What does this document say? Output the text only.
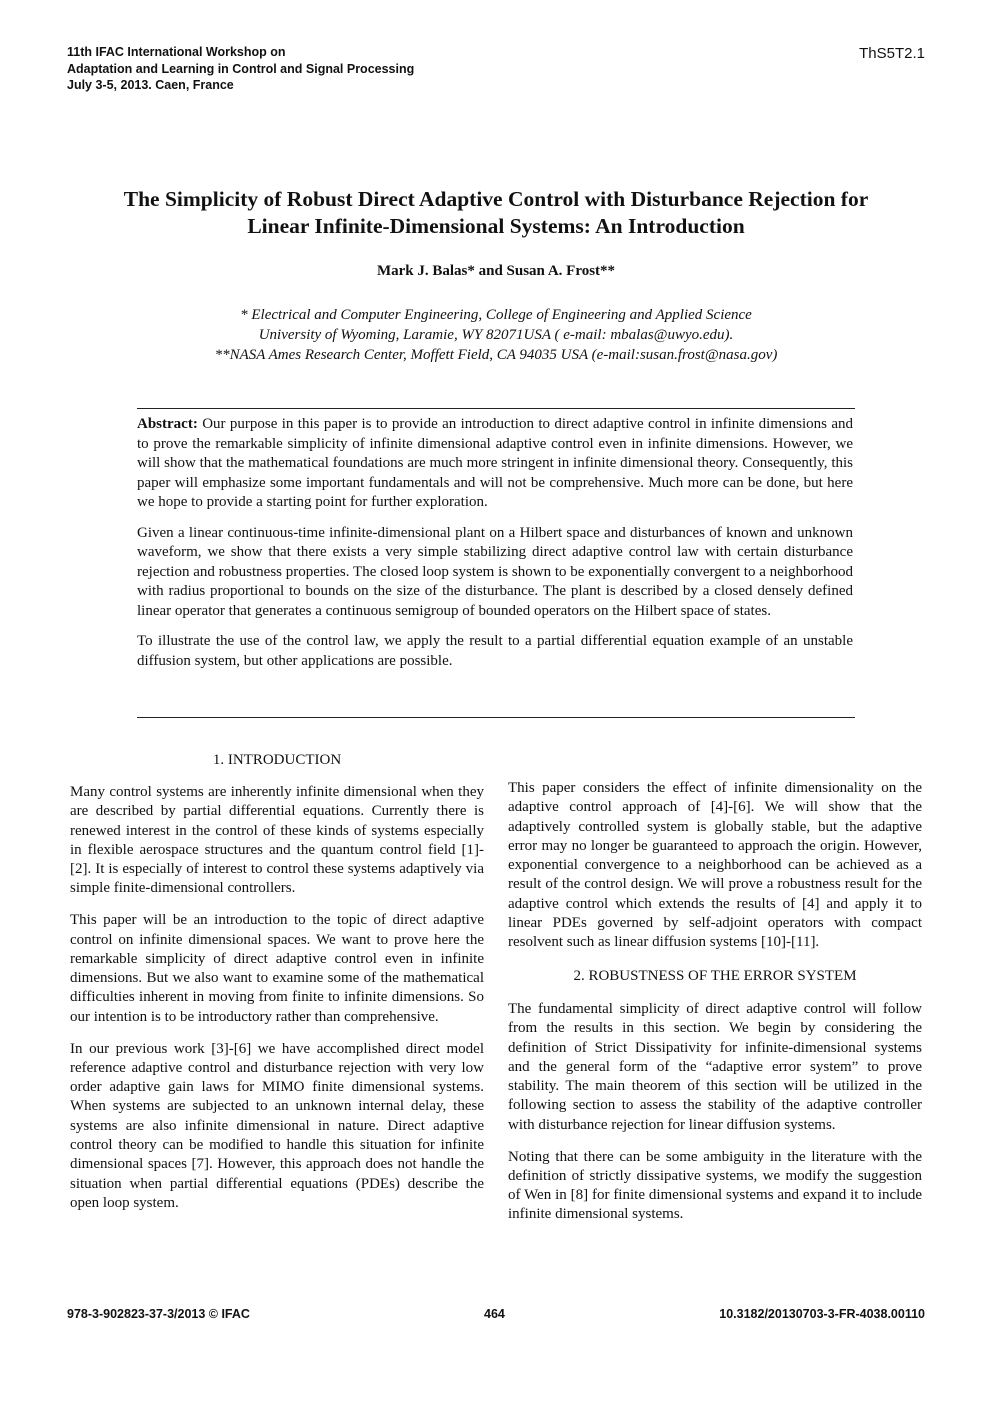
11th IFAC International Workshop on
Adaptation and Learning in Control and Signal Processing
July 3-5, 2013. Caen, France
ThS5T2.1
The Simplicity of Robust Direct Adaptive Control with Disturbance Rejection for
Linear Infinite-Dimensional Systems: An Introduction
Mark J. Balas* and Susan A. Frost**
* Electrical and Computer Engineering, College of Engineering and Applied Science
University of Wyoming, Laramie, WY 82071USA ( e-mail: mbalas@uwyo.edu).
**NASA Ames Research Center, Moffett Field, CA 94035 USA (e-mail:susan.frost@nasa.gov)

Abstract: Our purpose in this paper is to provide an introduction to direct adaptive control in infinite dimensions and to prove the remarkable simplicity of infinite dimensional adaptive control even in infinite dimensions. However, we will show that the mathematical foundations are much more stringent in infinite dimensional theory. Consequently, this paper will emphasize some important fundamentals and will not be comprehensive. Much more can be done, but here we hope to provide a starting point for further exploration.

Given a linear continuous-time infinite-dimensional plant on a Hilbert space and disturbances of known and unknown waveform, we show that there exists a very simple stabilizing direct adaptive control law with certain disturbance rejection and robustness properties. The closed loop system is shown to be exponentially convergent to a neighborhood with radius proportional to bounds on the size of the disturbance. The plant is described by a closed densely defined linear operator that generates a continuous semigroup of bounded operators on the Hilbert space of states.

To illustrate the use of the control law, we apply the result to a partial differential equation example of an unstable diffusion system, but other applications are possible.

1. INTRODUCTION

Many control systems are inherently infinite dimensional when they are described by partial differential equations. Currently there is renewed interest in the control of these kinds of systems especially in flexible aerospace structures and the quantum control field [1]-[2]. It is especially of interest to control these systems adaptively via simple finite-dimensional controllers.

This paper will be an introduction to the topic of direct adaptive control on infinite dimensional spaces. We want to prove here the remarkable simplicity of direct adaptive control even in infinite dimensions. But we also want to examine some of the mathematical difficulties inherent in moving from finite to infinite dimensions. So our intention is to be introductory rather than comprehensive.

In our previous work [3]-[6] we have accomplished direct model reference adaptive control and disturbance rejection with very low order adaptive gain laws for MIMO finite dimensional systems. When systems are subjected to an unknown internal delay, these systems are also infinite dimensional in nature. Direct adaptive control theory can be modified to handle this situation for infinite dimensional spaces [7]. However, this approach does not handle the situation when partial differential equations (PDEs) describe the open loop system.

This paper considers the effect of infinite dimensionality on the adaptive control approach of [4]-[6]. We will show that the adaptively controlled system is globally stable, but the adaptive error may no longer be guaranteed to approach the origin. However, exponential convergence to a neighborhood can be achieved as a result of the control design. We will prove a robustness result for the adaptive control which extends the results of [4] and apply it to linear PDEs governed by self-adjoint operators with compact resolvent such as linear diffusion systems [10]-[11].

2. ROBUSTNESS OF THE ERROR SYSTEM

The fundamental simplicity of direct adaptive control will follow from the results in this section. We begin by considering the definition of Strict Dissipativity for infinite-dimensional systems and the general form of the “adaptive error system” to prove stability. The main theorem of this section will be utilized in the following section to assess the stability of the adaptive controller with disturbance rejection for linear diffusion systems.

Noting that there can be some ambiguity in the literature with the definition of strictly dissipative systems, we modify the suggestion of Wen in [8] for finite dimensional systems and expand it to include infinite dimensional systems.

978-3-902823-37-3/2013 © IFAC	464	10.3182/20130703-3-FR-4038.00110
